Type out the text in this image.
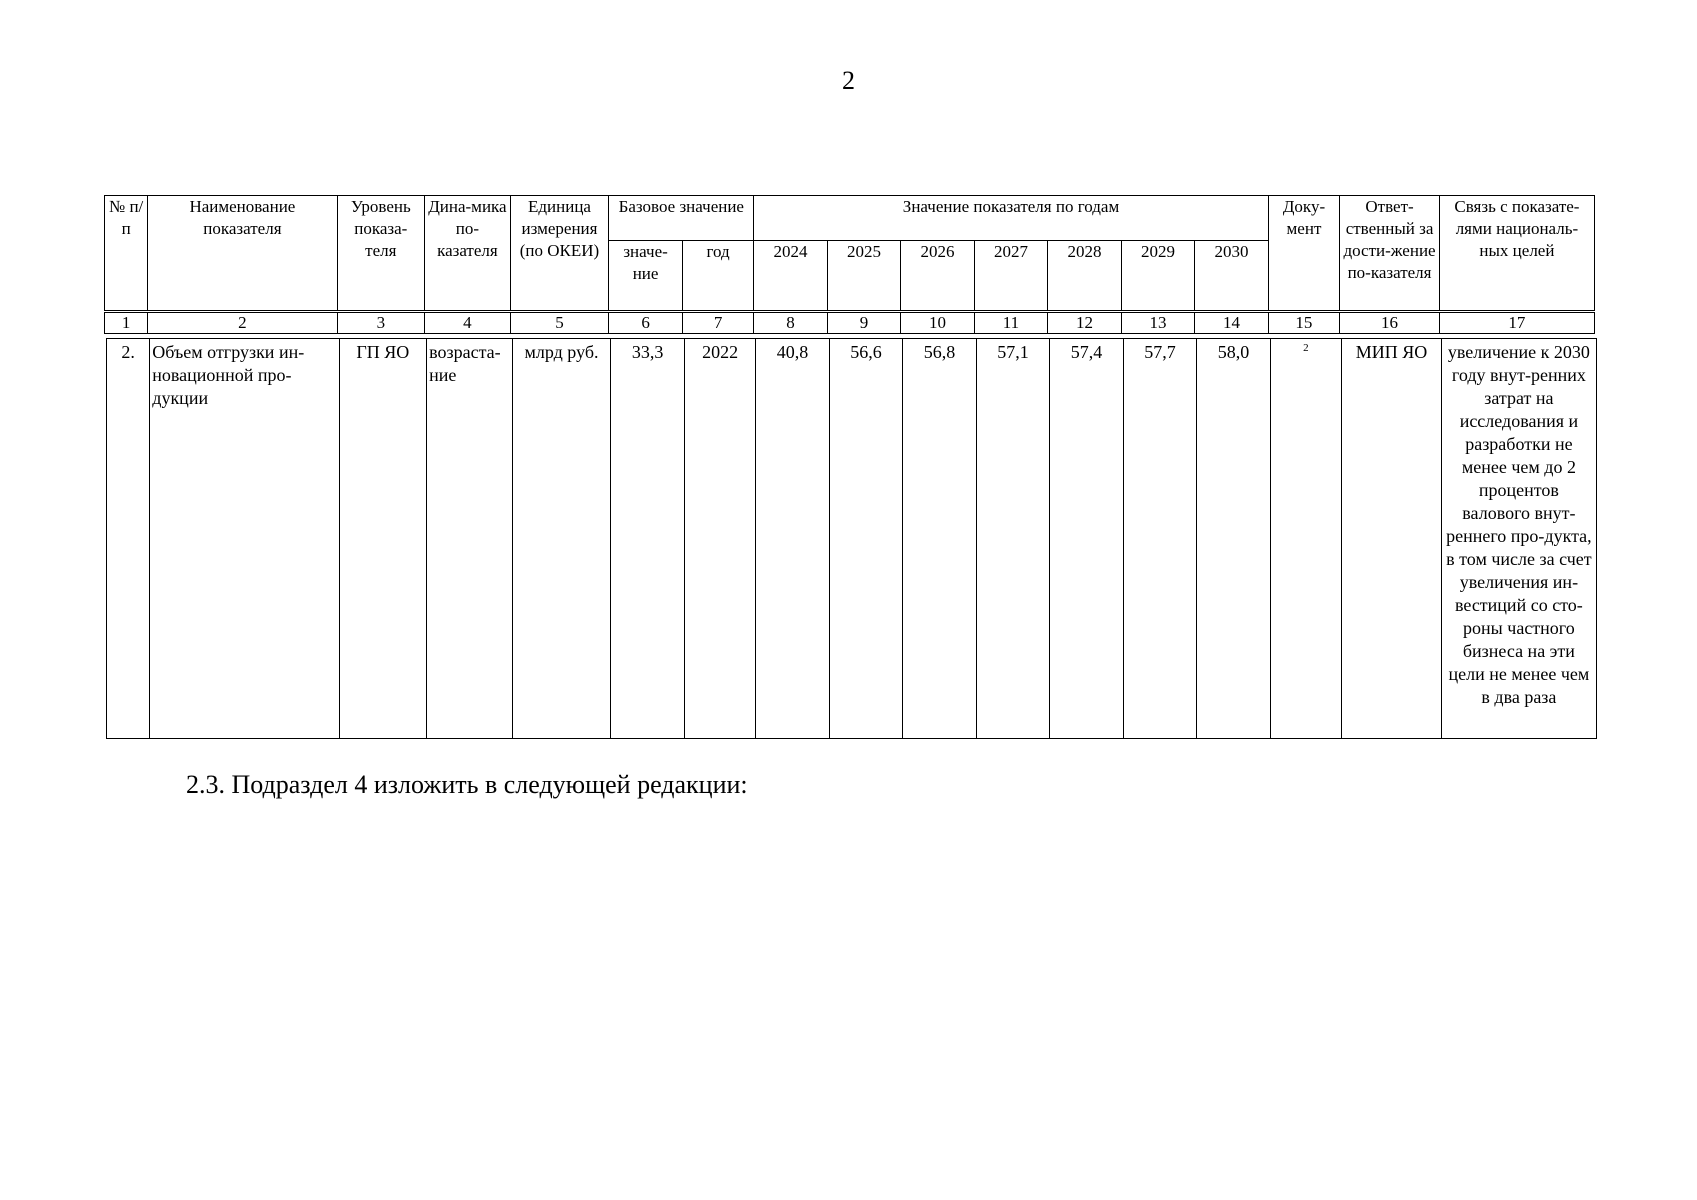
2
№ п/п	Наименование показателя	Уровень показа-теля	Дина-мика по-казателя	Единица измерения (по ОКЕИ)	Базовое значение		Значение показателя по годам							Доку-мент	Ответ-ственный за дости-жение по-казателя	Связь с показате-лями националь-ных целей
					значе-ние	год	2024	2025	2026	2027	2028	2029	2030			
1	2	3	4	5	6	7	8	9	10	11	12	13	14	15	16	17
2.	Объем отгрузки ин-новационной про-дукции	ГП ЯО	возраста-ние	млрд руб.	33,3	2022	40,8	56,6	56,8	57,1	57,4	57,7	58,0	$^2$	МИП ЯО	увеличение к 2030 году внут-ренних затрат на исследования и разработки не менее чем до 2 процентов валового внут-реннего про-дукта, в том числе за счет увеличения ин-вестиций со сто-роны частного бизнеса на эти цели не менее чем в два раза
2.3. Подраздел 4 изложить в следующей редакции:
